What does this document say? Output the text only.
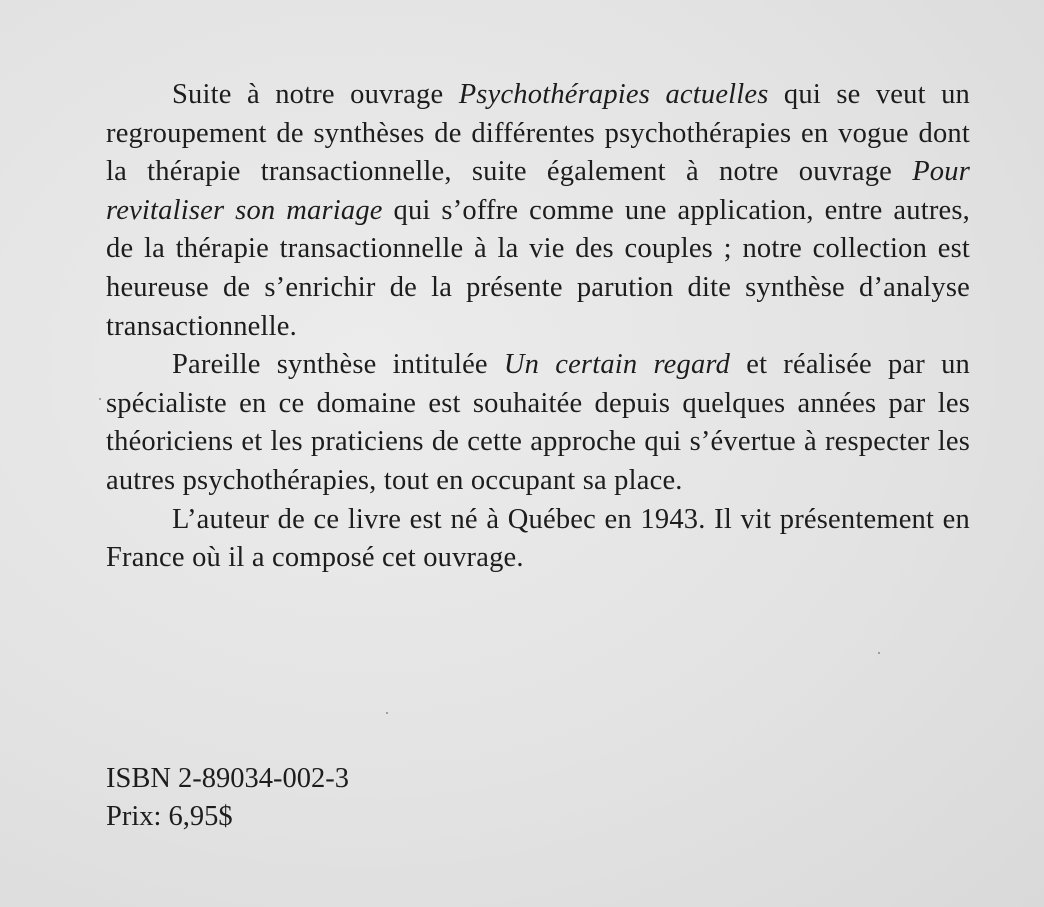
Suite à notre ouvrage Psychothérapies actuelles qui se veut un regroupement de synthèses de différentes psychothérapies en vogue dont la thérapie transactionnelle, suite également à notre ouvrage Pour revitaliser son mariage qui s’offre comme une application, entre autres, de la thérapie transactionnelle à la vie des couples ; notre collection est heureuse de s’enrichir de la présente parution dite synthèse d’analyse transactionnelle.

Pareille synthèse intitulée Un certain regard et réalisée par un spécialiste en ce domaine est souhaitée depuis quelques années par les théoriciens et les praticiens de cette approche qui s’évertue à respecter les autres psychothérapies, tout en occupant sa place.

L’auteur de ce livre est né à Québec en 1943. Il vit présentement en France où il a composé cet ouvrage.

ISBN 2-89034-002-3
Prix: 6,95$
